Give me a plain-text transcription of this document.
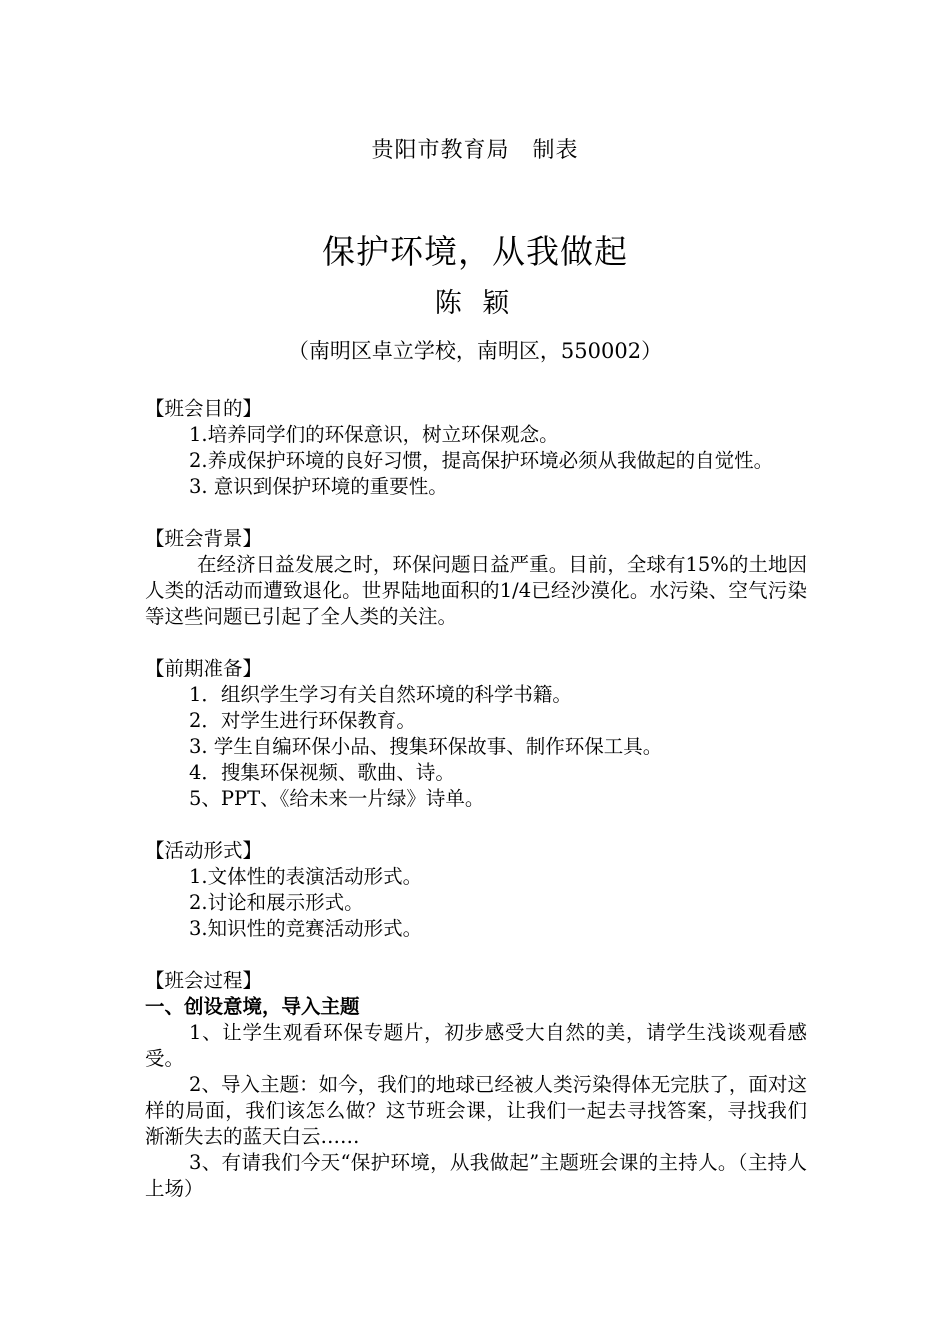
贵阳市教育局　制表
保护环境，从我做起
陈 颖
（南明区卓立学校，南明区，550002）

【班会目的】

1.培养同学们的环保意识，树立环保观念。

2.养成保护环境的良好习惯，提高保护环境必须从我做起的自觉性。

3. 意识到保护环境的重要性。

【班会背景】

在经济日益发展之时，环保问题日益严重。目前，全球有15%的土地因人类的活动而遭致退化。世界陆地面积的1/4已经沙漠化。水污染、空气污染等这些问题已引起了全人类的关注。

【前期准备】

1．组织学生学习有关自然环境的科学书籍。

2．对学生进行环保教育。

3. 学生自编环保小品、搜集环保故事、制作环保工具。

4．搜集环保视频、歌曲、诗。

5、PPT、《给未来一片绿》诗单。

【活动形式】

1.文体性的表演活动形式。

2.讨论和展示形式。

3.知识性的竞赛活动形式。

【班会过程】

一、创设意境，导入主题

1、让学生观看环保专题片，初步感受大自然的美，请学生浅谈观看感受。

2、导入主题：如今，我们的地球已经被人类污染得体无完肤了，面对这样的局面，我们该怎么做？这节班会课，让我们一起去寻找答案，寻找我们渐渐失去的蓝天白云……

3、有请我们今天“保护环境，从我做起”主题班会课的主持人。（主持人上场）
